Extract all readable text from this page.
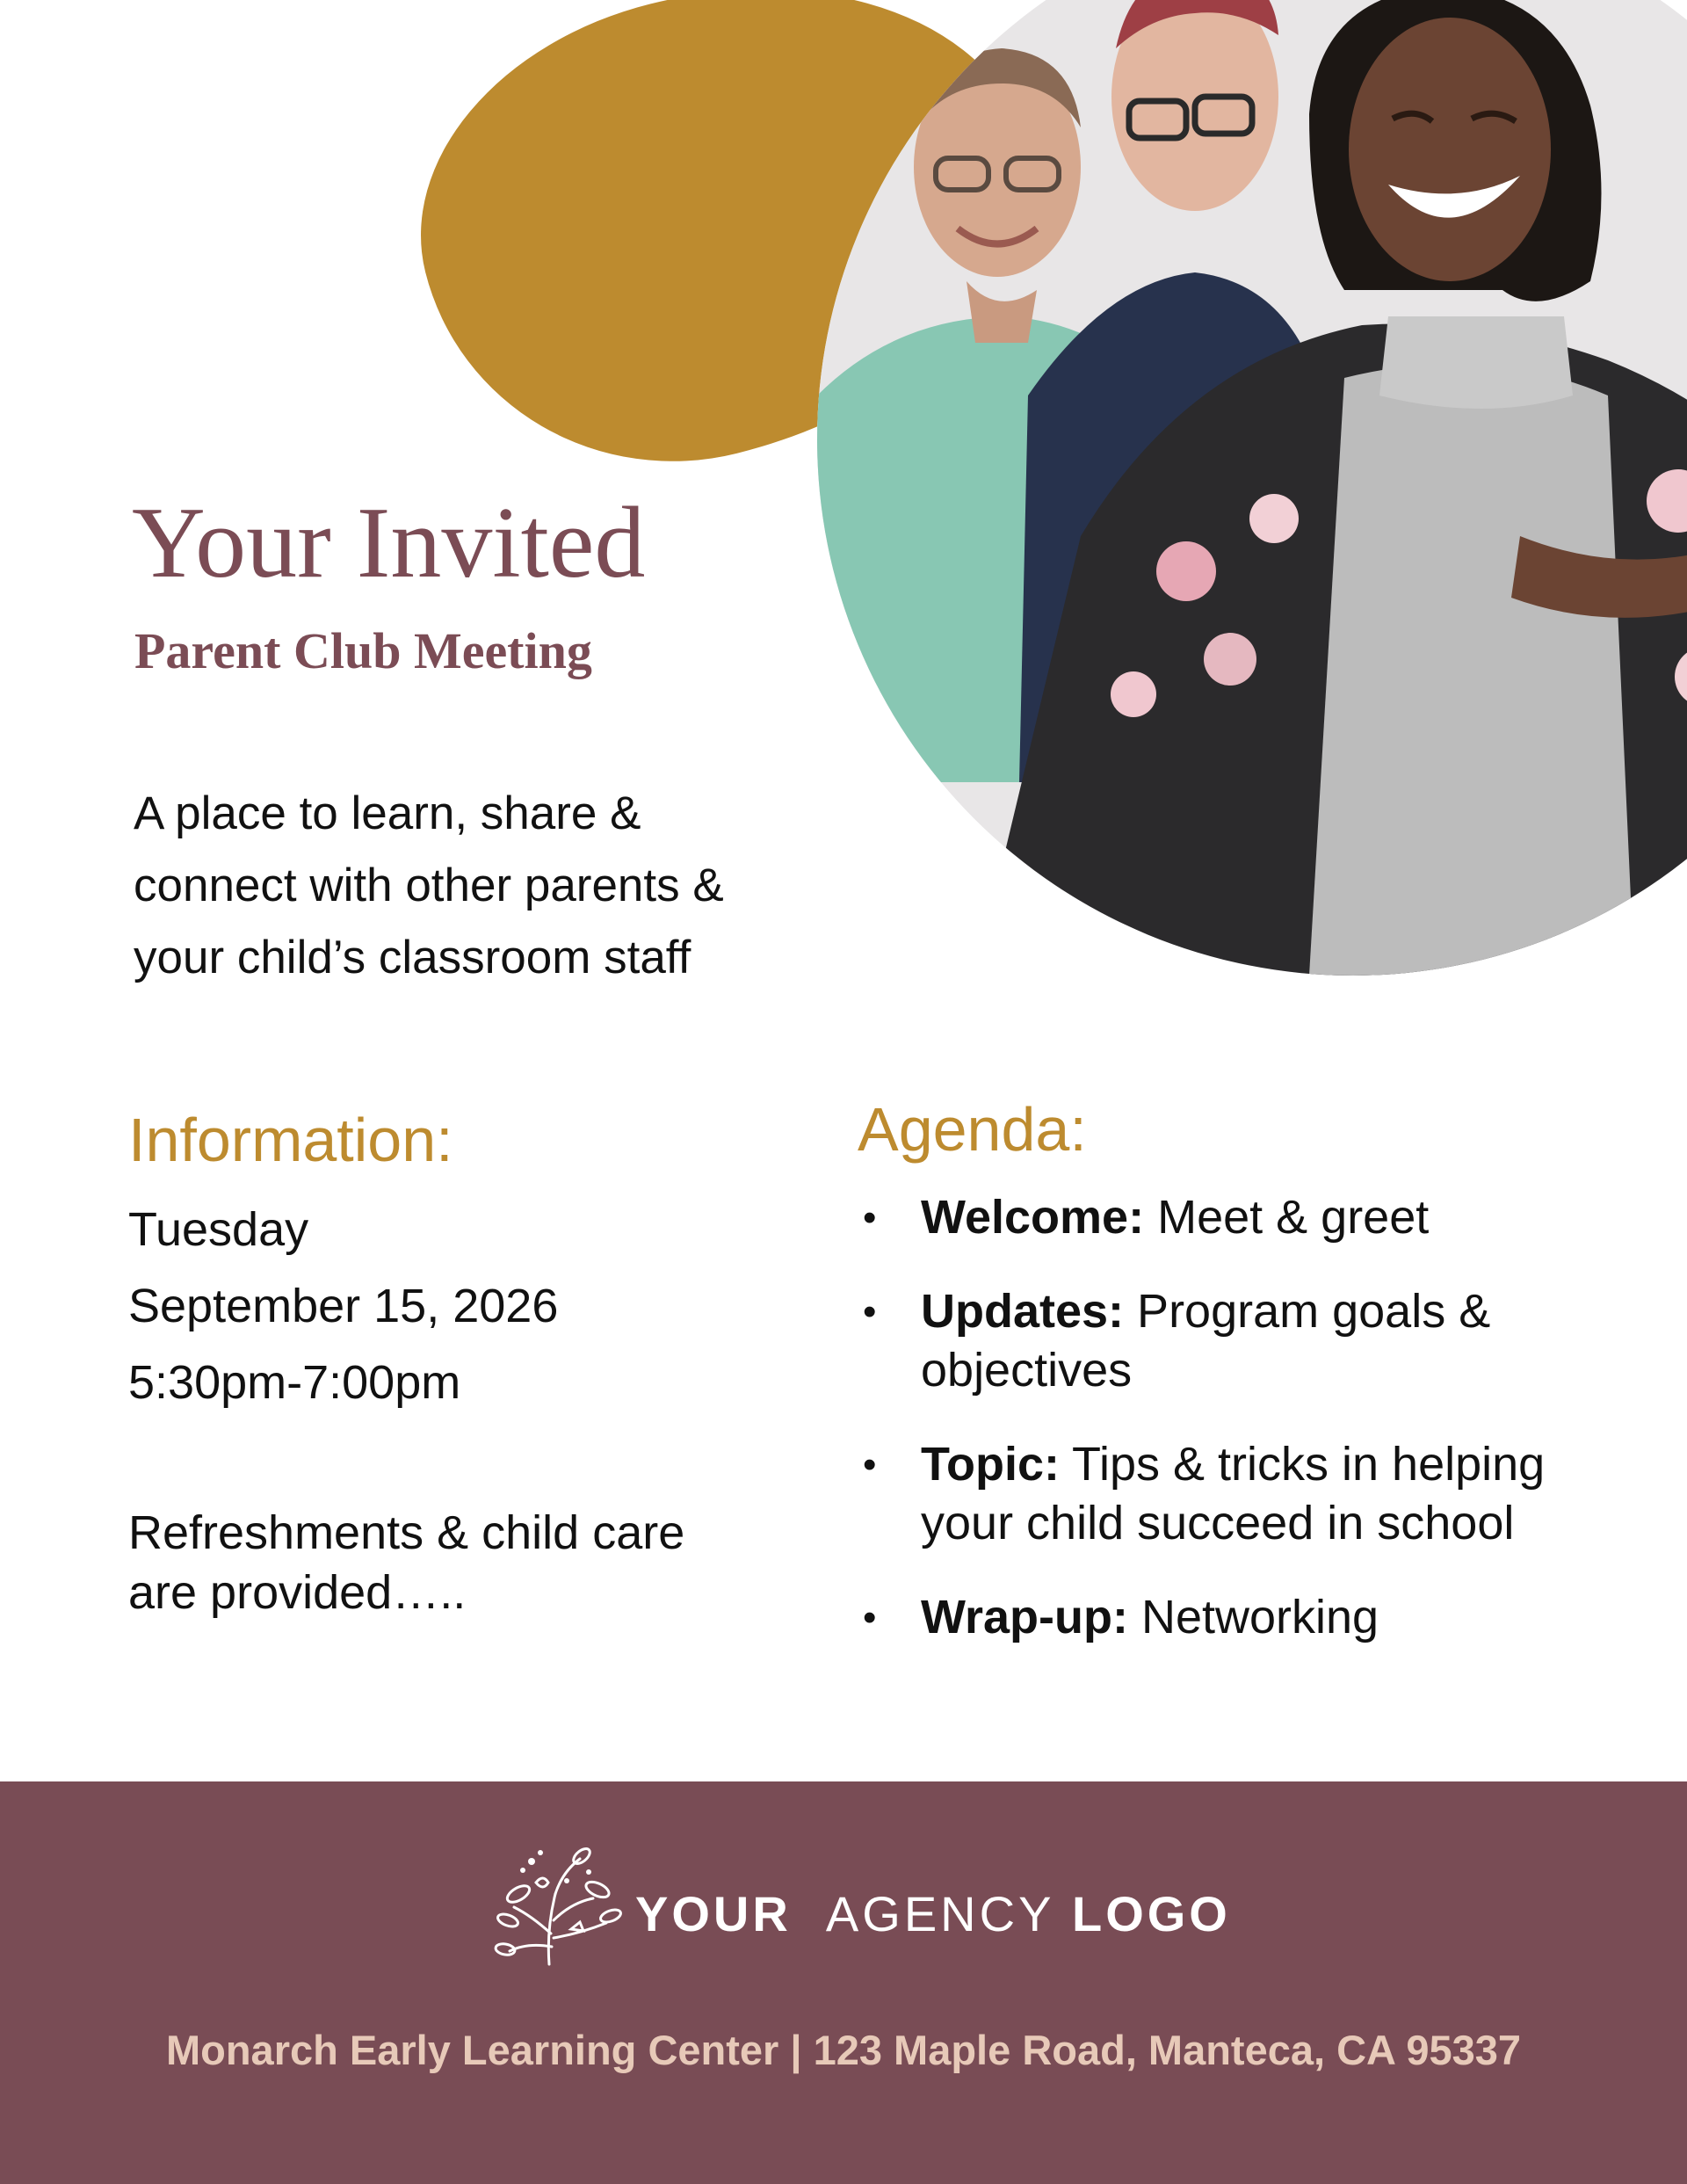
Your Invited
Parent Club Meeting

A place to learn, share &
connect with other parents &
your child’s classroom staff

Information:

Tuesday

September 15, 2026

5:30pm-7:00pm

Refreshments & child care
are provided…..

Agenda:
• Welcome: Meet & greet
• Updates: Program goals &
objectives
• Topic: Tips & tricks in helping
your child succeed in school
• Wrap-up: Networking
YOUR AGENCY LOGO

Monarch Early Learning Center | 123 Maple Road, Manteca, CA 95337
